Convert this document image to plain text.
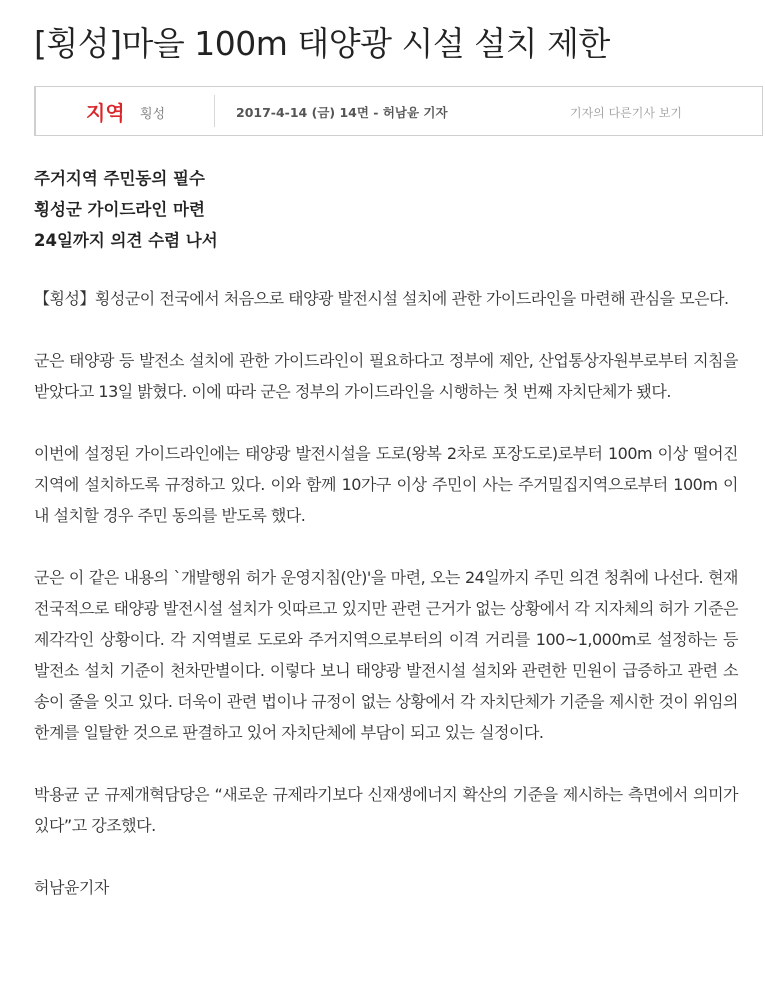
[횡성]마을 100m 태양광 시설 설치 제한
지역 횡성	2017-4-14 (금) 14면 - 허남윤 기자	기자의 다른기사 보기
주거지역 주민동의 필수
횡성군 가이드라인 마련
24일까지 의견 수렴 나서

【횡성】횡성군이 전국에서 처음으로 태양광 발전시설 설치에 관한 가이드라인을 마련해 관심을 모은다.

군은 태양광 등 발전소 설치에 관한 가이드라인이 필요하다고 정부에 제안, 산업통상자원부로부터 지침을 받았다고 13일 밝혔다. 이에 따라 군은 정부의 가이드라인을 시행하는 첫 번째 자치단체가 됐다.

이번에 설정된 가이드라인에는 태양광 발전시설을 도로(왕복 2차로 포장도로)로부터 100m 이상 떨어진 지역에 설치하도록 규정하고 있다. 이와 함께 10가구 이상 주민이 사는 주거밀집지역으로부터 100m 이내 설치할 경우 주민 동의를 받도록 했다.

군은 이 같은 내용의 `개발행위 허가 운영지침(안)'을 마련, 오는 24일까지 주민 의견 청취에 나선다. 현재 전국적으로 태양광 발전시설 설치가 잇따르고 있지만 관련 근거가 없는 상황에서 각 지자체의 허가 기준은 제각각인 상황이다. 각 지역별로 도로와 주거지역으로부터의 이격 거리를 100~1,000m로 설정하는 등 발전소 설치 기준이 천차만별이다. 이렇다 보니 태양광 발전시설 설치와 관련한 민원이 급증하고 관련 소송이 줄을 잇고 있다. 더욱이 관련 법이나 규정이 없는 상황에서 각 자치단체가 기준을 제시한 것이 위임의 한계를 일탈한 것으로 판결하고 있어 자치단체에 부담이 되고 있는 실정이다.

박용균 군 규제개혁담당은 “새로운 규제라기보다 신재생에너지 확산의 기준을 제시하는 측면에서 의미가 있다”고 강조했다.

허남윤기자
